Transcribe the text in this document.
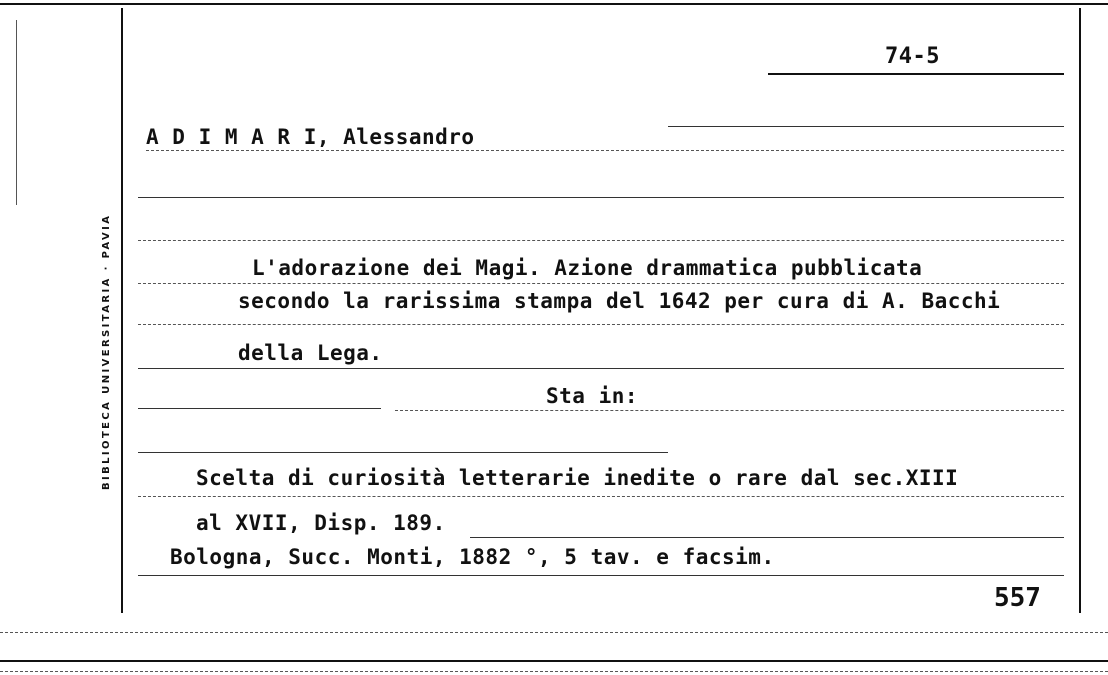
BIBLIOTECA UNIVERSITARIA · PAVIA
74-5
A D I M A R I, Alessandro
L'adorazione dei Magi. Azione drammatica pubblicata
secondo la rarissima stampa del 1642 per cura di A. Bacchi
della Lega.
Sta in:
Scelta di curiosità letterarie inedite o rare dal sec.XIII
al XVII, Disp. 189.
Bologna, Succ. Monti, 1882 °, 5 tav. e facsim.
557
